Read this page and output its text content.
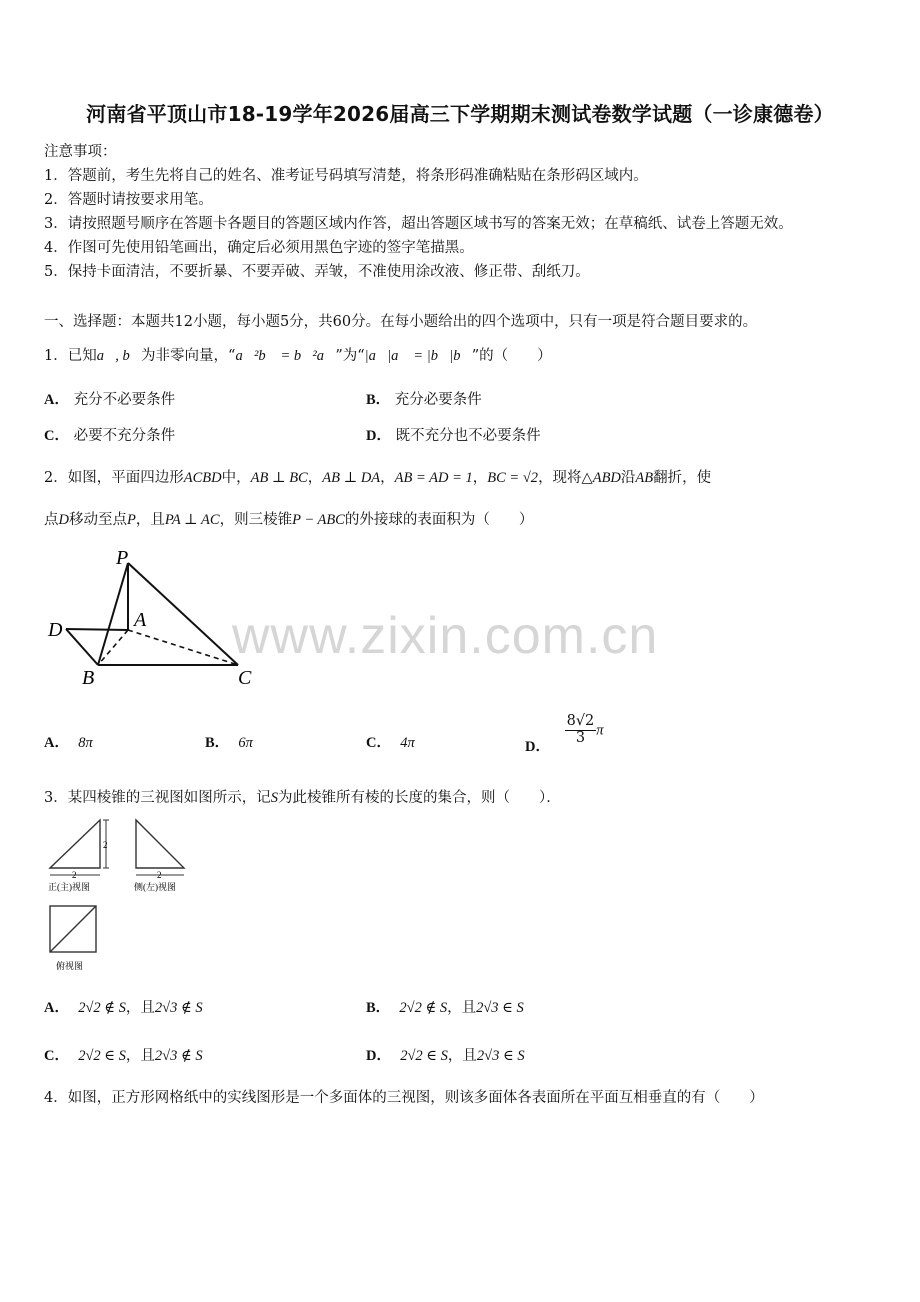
河南省平顶山市18-19学年2026届高三下学期期末测试卷数学试题（一诊康德卷）
注意事项：
1．答题前，考生先将自己的姓名、准考证号码填写清楚，将条形码准确粘贴在条形码区域内。
2．答题时请按要求用笔。
3．请按照题号顺序在答题卡各题目的答题区域内作答，超出答题区域书写的答案无效；在草稿纸、试卷上答题无效。
4．作图可先使用铅笔画出，确定后必须用黑色字迹的签字笔描黑。
5．保持卡面清洁，不要折暴、不要弄破、弄皱，不准使用涂改液、修正带、刮纸刀。
一、选择题：本题共12小题，每小题5分，共60分。在每小题给出的四个选项中，只有一项是符合题目要求的。
1．已知a⃗, b⃗为非零向量，“a⃗²b⃗ = b⃗²a⃗”为“|a⃗|a⃗ = |b⃗|b⃗”的（　　）
A． 充分不必要条件	B． 充分必要条件
C． 必要不充分条件	D． 既不充分也不必要条件
2．如图，平面四边形ACBD中，AB ⊥ BC，AB ⊥ DA，AB = AD = 1，BC = √2，现将△ABD沿AB翻折，使
点D移动至点P，且PA ⊥ AC，则三棱锥P − ABC的外接球的表面积为（　　）
P
D	A
B	C
www.zixin.com.cn
A． 8π	B． 6π	C． 4π	D．
$\frac{8√2}{3}$ π
3．某四棱锥的三视图如图所示，记S为此棱锥所有棱的长度的集合，则（　　）．
2
2	2
正(主)视图	侧(左)视图
俯视图
A． 2√2 ∉ S，且2√3 ∉ S	B． 2√2 ∉ S，且2√3 ∈ S
C． 2√2 ∈ S，且2√3 ∉ S	D． 2√2 ∈ S，且2√3 ∈ S
4．如图，正方形网格纸中的实线图形是一个多面体的三视图，则该多面体各表面所在平面互相垂直的有（　　）
